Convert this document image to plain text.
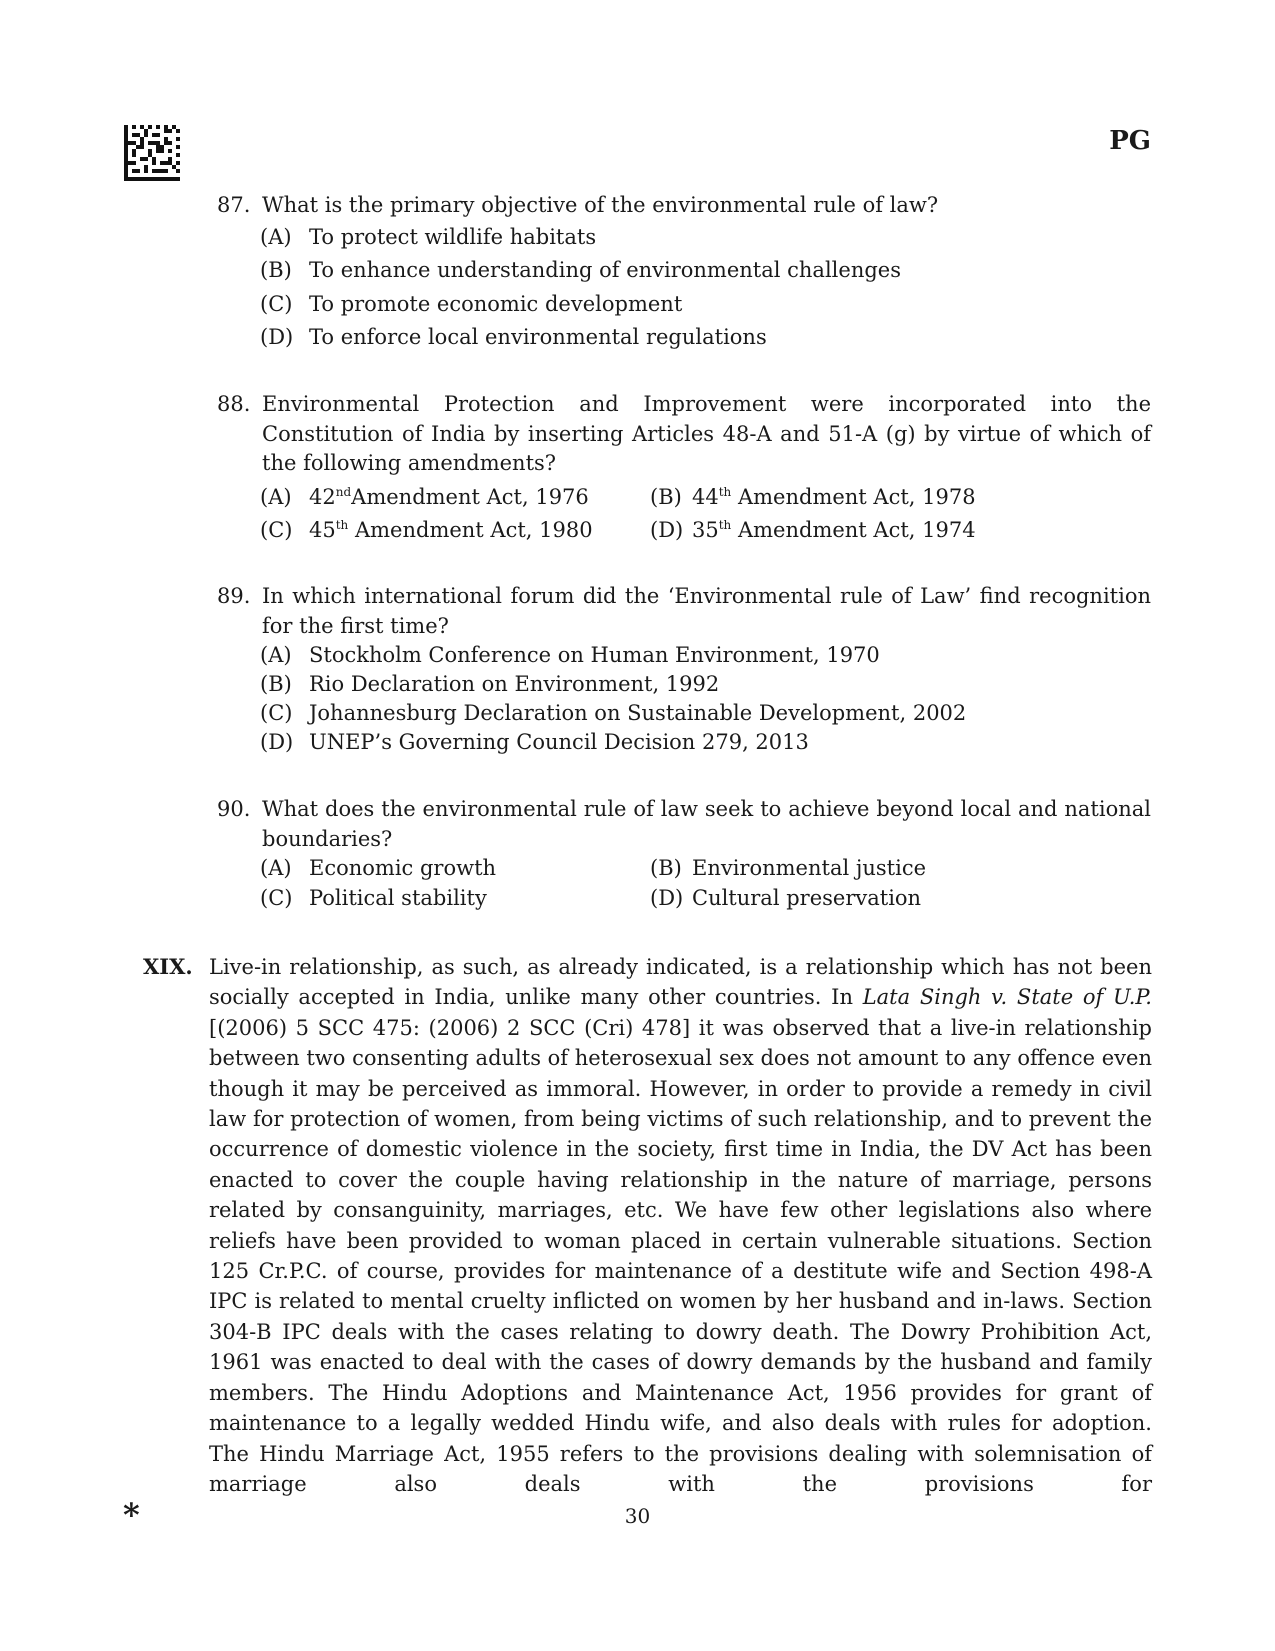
PG
87. What is the primary objective of the environmental rule of law?
(A) To protect wildlife habitats
(B) To enhance understanding of environmental challenges
(C) To promote economic development
(D) To enforce local environmental regulations
88. Environmental Protection and Improvement were incorporated into the Constitution of India by inserting Articles 48-A and 51-A (g) by virtue of which of the following amendments?
(A) 42ndAmendment Act, 1976	(B) 44th Amendment Act, 1978
(C) 45th Amendment Act, 1980	(D) 35th Amendment Act, 1974
89. In which international forum did the ‘Environmental rule of Law’ find recognition for the first time?
(A) Stockholm Conference on Human Environment, 1970
(B) Rio Declaration on Environment, 1992
(C) Johannesburg Declaration on Sustainable Development, 2002
(D) UNEP’s Governing Council Decision 279, 2013
90. What does the environmental rule of law seek to achieve beyond local and national boundaries?
(A) Economic growth	(B) Environmental justice
(C) Political stability	(D) Cultural preservation
XIX. Live-in relationship, as such, as already indicated, is a relationship which has not been socially accepted in India, unlike many other countries. In Lata Singh v. State of U.P. [(2006) 5 SCC 475: (2006) 2 SCC (Cri) 478] it was observed that a live-in relationship between two consenting adults of heterosexual sex does not amount to any offence even though it may be perceived as immoral. However, in order to provide a remedy in civil law for protection of women, from being victims of such relationship, and to prevent the occurrence of domestic violence in the society, first time in India, the DV Act has been enacted to cover the couple having relationship in the nature of marriage, persons related by consanguinity, marriages, etc. We have few other legislations also where reliefs have been provided to woman placed in certain vulnerable situations. Section 125 Cr.P.C. of course, provides for maintenance of a destitute wife and Section 498-A IPC is related to mental cruelty inflicted on women by her husband and in-laws. Section 304-B IPC deals with the cases relating to dowry death. The Dowry Prohibition Act, 1961 was enacted to deal with the cases of dowry demands by the husband and family members. The Hindu Adoptions and Maintenance Act, 1956 provides for grant of maintenance to a legally wedded Hindu wife, and also deals with rules for adoption. The Hindu Marriage Act, 1955 refers to the provisions dealing with solemnisation of marriage also deals with the provisions for
*	30
